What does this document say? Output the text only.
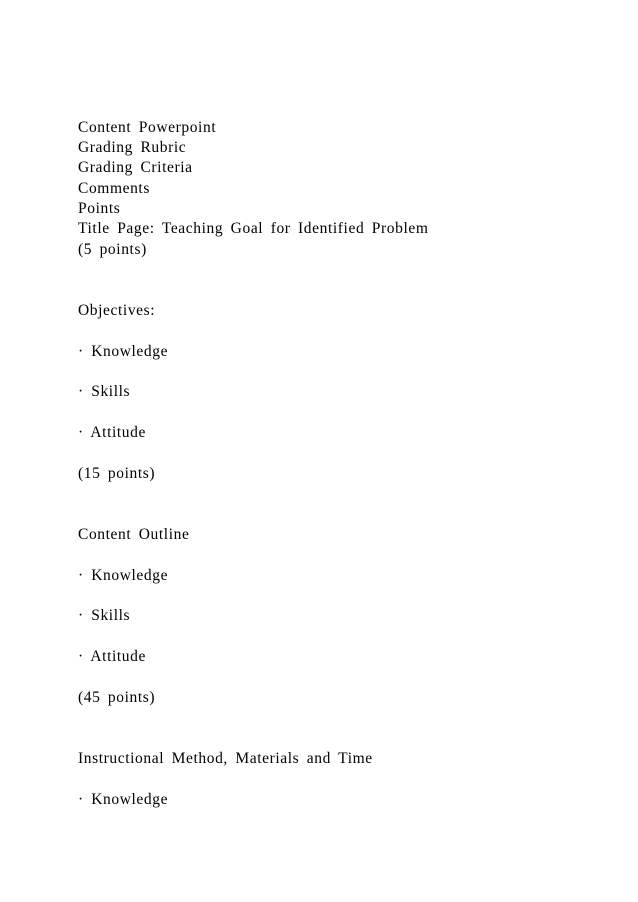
Content Powerpoint
Grading Rubric
Grading Criteria
Comments
Points
Title Page: Teaching Goal for Identified Problem
(5 points)
Objectives:
· Knowledge
· Skills
· Attitude
(15 points)
Content Outline
· Knowledge
· Skills
· Attitude
(45 points)
Instructional Method, Materials and Time
· Knowledge
